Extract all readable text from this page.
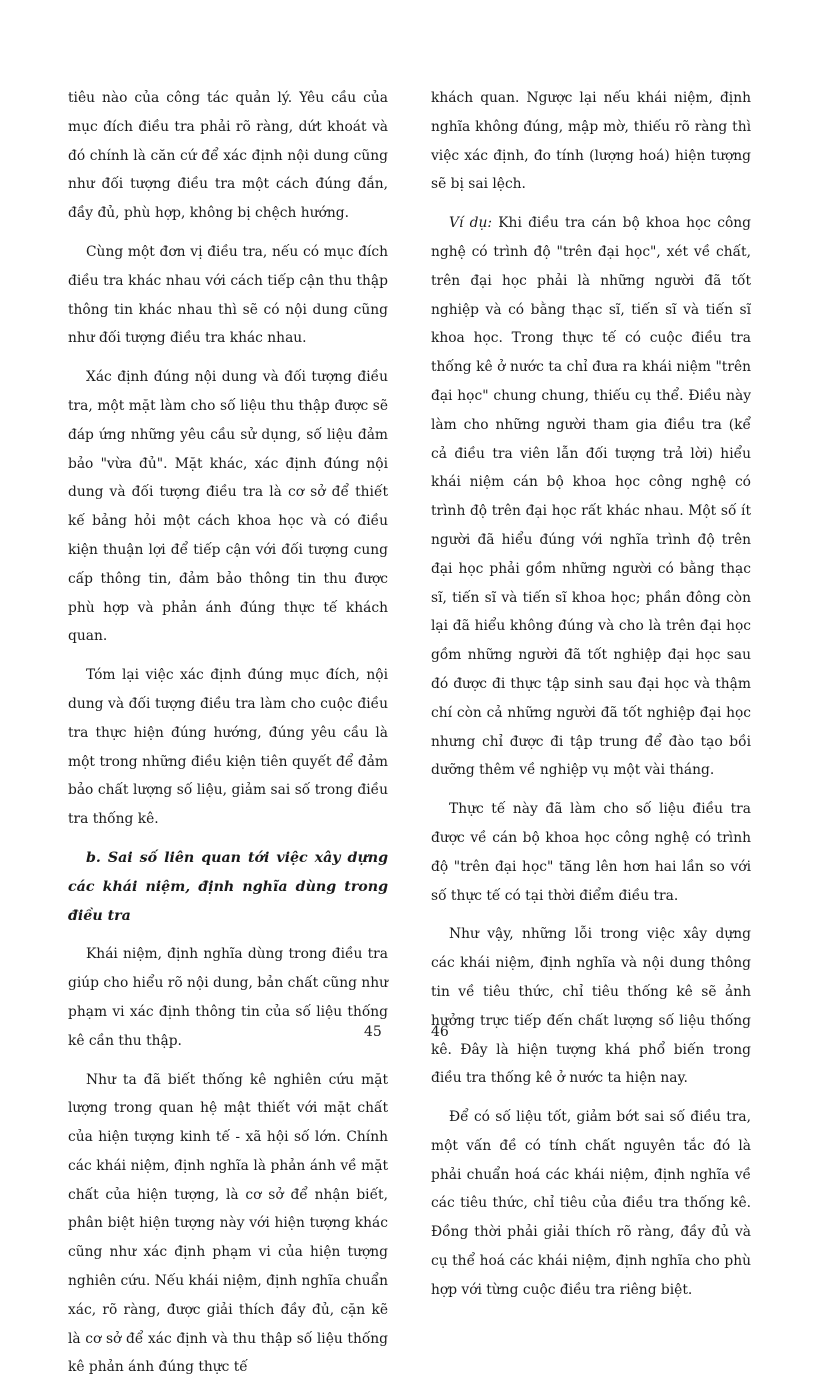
tiêu nào của công tác quản lý. Yêu cầu của mục đích điều tra phải rõ ràng, dứt khoát và đó chính là căn cứ để xác định nội dung cũng như đối tượng điều tra một cách đúng đắn, đầy đủ, phù hợp, không bị chệch hướng.

Cùng một đơn vị điều tra, nếu có mục đích điều tra khác nhau với cách tiếp cận thu thập thông tin khác nhau thì sẽ có nội dung cũng như đối tượng điều tra khác nhau.

Xác định đúng nội dung và đối tượng điều tra, một mặt làm cho số liệu thu thập được sẽ đáp ứng những yêu cầu sử dụng, số liệu đảm bảo "vừa đủ". Mặt khác, xác định đúng nội dung và đối tượng điều tra là cơ sở để thiết kế bảng hỏi một cách khoa học và có điều kiện thuận lợi để tiếp cận với đối tượng cung cấp thông tin, đảm bảo thông tin thu được phù hợp và phản ánh đúng thực tế khách quan.

Tóm lại việc xác định đúng mục đích, nội dung và đối tượng điều tra làm cho cuộc điều tra thực hiện đúng hướng, đúng yêu cầu là một trong những điều kiện tiên quyết để đảm bảo chất lượng số liệu, giảm sai số trong điều tra thống kê.

b. Sai số liên quan tới việc xây dựng các khái niệm, định nghĩa dùng trong điều tra

Khái niệm, định nghĩa dùng trong điều tra giúp cho hiểu rõ nội dung, bản chất cũng như phạm vi xác định thông tin của số liệu thống kê cần thu thập.

Như ta đã biết thống kê nghiên cứu mặt lượng trong quan hệ mật thiết với mặt chất của hiện tượng kinh tế - xã hội số lớn. Chính các khái niệm, định nghĩa là phản ánh về mặt chất của hiện tượng, là cơ sở để nhận biết, phân biệt hiện tượng này với hiện tượng khác cũng như xác định phạm vi của hiện tượng nghiên cứu. Nếu khái niệm, định nghĩa chuẩn xác, rõ ràng, được giải thích đầy đủ, cặn kẽ là cơ sở để xác định và thu thập số liệu thống kê phản ánh đúng thực tế

khách quan. Ngược lại nếu khái niệm, định nghĩa không đúng, mập mờ, thiếu rõ ràng thì việc xác định, đo tính (lượng hoá) hiện tượng sẽ bị sai lệch.

Ví dụ: Khi điều tra cán bộ khoa học công nghệ có trình độ "trên đại học", xét về chất, trên đại học phải là những người đã tốt nghiệp và có bằng thạc sĩ, tiến sĩ và tiến sĩ khoa học. Trong thực tế có cuộc điều tra thống kê ở nước ta chỉ đưa ra khái niệm "trên đại học" chung chung, thiếu cụ thể. Điều này làm cho những người tham gia điều tra (kể cả điều tra viên lẫn đối tượng trả lời) hiểu khái niệm cán bộ khoa học công nghệ có trình độ trên đại học rất khác nhau. Một số ít người đã hiểu đúng với nghĩa trình độ trên đại học phải gồm những người có bằng thạc sĩ, tiến sĩ và tiến sĩ khoa học; phần đông còn lại đã hiểu không đúng và cho là trên đại học gồm những người đã tốt nghiệp đại học sau đó được đi thực tập sinh sau đại học và thậm chí còn cả những người đã tốt nghiệp đại học nhưng chỉ được đi tập trung để đào tạo bồi dưỡng thêm về nghiệp vụ một vài tháng.

Thực tế này đã làm cho số liệu điều tra được về cán bộ khoa học công nghệ có trình độ "trên đại học" tăng lên hơn hai lần so với số thực tế có tại thời điểm điều tra.

Như vậy, những lỗi trong việc xây dựng các khái niệm, định nghĩa và nội dung thông tin về tiêu thức, chỉ tiêu thống kê sẽ ảnh hưởng trực tiếp đến chất lượng số liệu thống kê. Đây là hiện tượng khá phổ biến trong điều tra thống kê ở nước ta hiện nay.

Để có số liệu tốt, giảm bớt sai số điều tra, một vấn đề có tính chất nguyên tắc đó là phải chuẩn hoá các khái niệm, định nghĩa về các tiêu thức, chỉ tiêu của điều tra thống kê. Đồng thời phải giải thích rõ ràng, đầy đủ và cụ thể hoá các khái niệm, định nghĩa cho phù hợp với từng cuộc điều tra riêng biệt.

45	46
